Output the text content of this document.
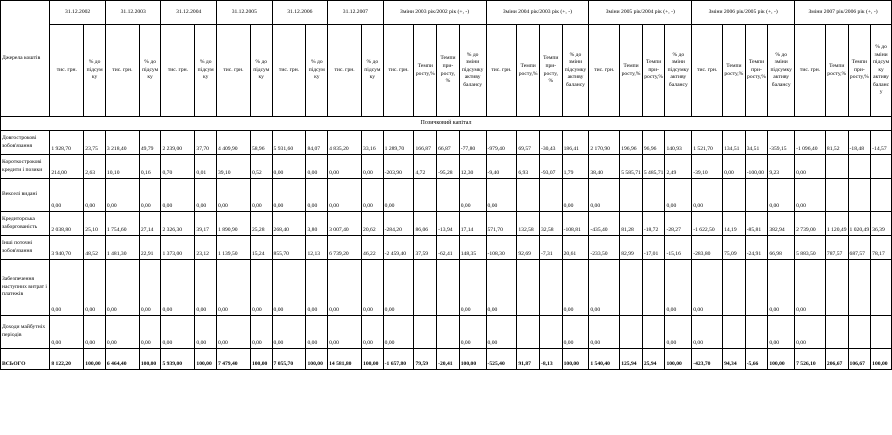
Джерела коштів	31.12.2002		31.12.2003		31.12.2004		31.12.2005		31.12.2006		31.12.2007		Зміни 2003 рік/2002 рік (+, -)				Зміни 2004 рік/2003 рік (+, -)				Зміни 2005 рік/2004 рік (+, -)				Зміни 2006 рік/2005 рік (+, -)				Зміни 2007 рік/2006 рік (+, -)			
	тис. грн.	% до підсумку	тис. грн.	% до підсумку	тис. грн.	% до підсумку	тис. грн.	% до підсумку	тис. грн.	% до підсумку	тис. грн.	% до підсумку	тис. грн.	Темпи росту,%	Темпи при-росту, %	% до зміни підсумку активу балансу	тис. грн.	Темпи росту,%	Темпи при-росту, %	% до зміни підсумку активу балансу	тис. грн.	Темпи росту,%	Темпи при-росту,%	% до зміни підсумку активу балансу	тис. грн.	Темпи росту,%	Темпи при-росту,%	% до зміни підсумку активу балансу	тис. грн.	Темпи росту,%	Темпи при-росту,%	% до зміни підсумку активу балансу
Позичковий капітал																																
Довгострокові зобов'язання	1 928,70	23,75	3 218,40	49,79	2 239,00	37,70	4 409,90	58,96	5 931,60	84,07	4 835,20	33,16	1 289,70	166,87	66,87	-77,80	-979,40	69,57	-30,43	186,41	2 170,90	196,96	96,96	140,93	1 521,70	134,51	34,51	-359,15	-1 096,40	81,52	-18,48	-14,57
Короткострокові кредити і позики	214,00	2,63	10,10	0,16	0,70	0,01	39,10	0,52	0,00	0,00	0,00	0,00	-203,90	4,72	-95,28	12,30	-9,40	6,93	-93,07	1,79	38,40	5 585,71	5 485,71	2,49	-39,10	0,00	-100,00	9,23	0,00			
Векселі видані	0,00	0,00	0,00	0,00	0,00	0,00	0,00	0,00	0,00	0,00	0,00	0,00	0,00			0,00	0,00			0,00	0,00			0,00	0,00			0,00	0,00			
Кредиторська заборгованість	2 038,80	25,10	1 754,60	27,14	2 326,30	39,17	1 890,90	25,28	268,40	3,80	3 007,40	20,62	-284,20	86,06	-13,94	17,14	571,70	132,58	32,58	-108,81	-435,40	81,28	-18,72	-28,27	-1 622,50	14,19	-85,81	382,94	2 739,00	1 120,49	1 020,49	36,39
Інші поточні зобов'язання	3 940,70	48,52	1 481,30	22,91	1 373,00	23,12	1 139,50	15,24	855,70	12,13	6 739,20	46,22	-2 459,40	37,59	-62,41	148,35	-108,30	92,69	-7,31	20,61	-233,50	82,99	-17,01	-15,16	-283,80	75,09	-24,91	66,98	5 883,50	787,57	687,57	78,17
Забезпечення наступних витрат і платежів	0,00	0,00	0,00	0,00	0,00	0,00	0,00	0,00	0,00	0,00	0,00	0,00	0,00			0,00	0,00			0,00	0,00			0,00	0,00			0,00	0,00			
Доходи майбутніх періодів	0,00	0,00	0,00	0,00	0,00	0,00	0,00	0,00	0,00	0,00	0,00	0,00	0,00			0,00	0,00			0,00	0,00			0,00	0,00			0,00	0,00			
ВСЬОГО	8 122,20	100,00	6 464,40	100,00	5 939,00	100,00	7 479,40	100,00	7 055,70	100,00	14 581,80	100,00	-1 657,80	79,59	-20,41	100,00	-525,40	91,87	-8,13	100,00	1 540,40	125,94	25,94	100,00	-423,70	94,34	-5,66	100,00	7 526,10	206,67	106,67	100,00
